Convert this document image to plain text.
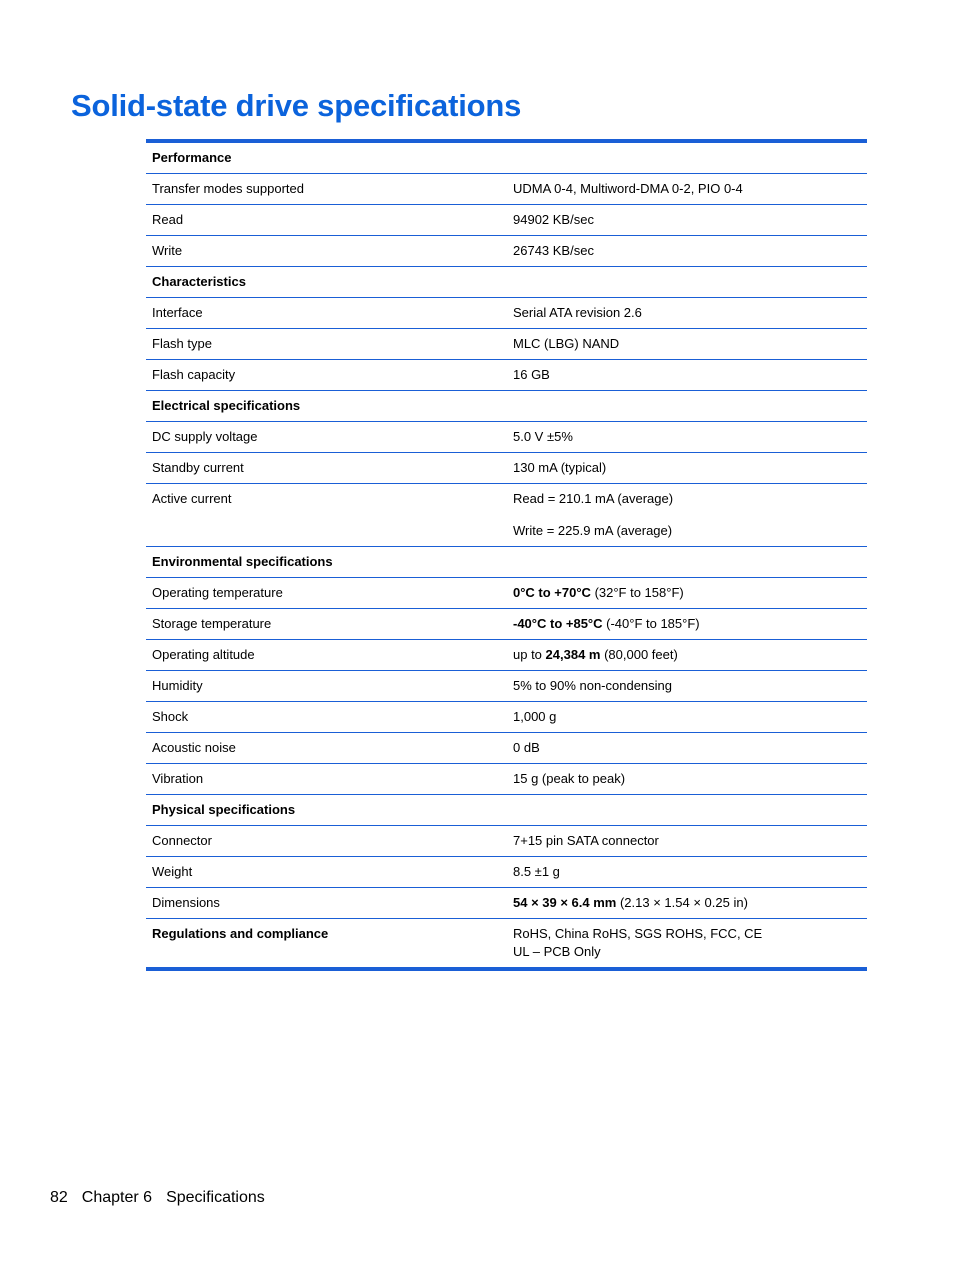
Solid-state drive specifications
Performance
Transfer modes supported	UDMA 0-4, Multiword-DMA 0-2, PIO 0-4
Read	94902 KB/sec
Write	26743 KB/sec
Characteristics
Interface	Serial ATA revision 2.6
Flash type	MLC (LBG) NAND
Flash capacity	16 GB
Electrical specifications
DC supply voltage	5.0 V ±5%
Standby current	130 mA (typical)
Active current	Read = 210.1 mA (average)
Write = 225.9 mA (average)
Environmental specifications
Operating temperature	0°C to +70°C (32°F to 158°F)
Storage temperature	-40°C to +85°C (-40°F to 185°F)
Operating altitude	up to 24,384 m (80,000 feet)
Humidity	5% to 90% non-condensing
Shock	1,000 g
Acoustic noise	0 dB
Vibration	15 g (peak to peak)
Physical specifications
Connector	7+15 pin SATA connector
Weight	8.5 ±1 g
Dimensions	54 × 39 × 6.4 mm (2.13 × 1.54 × 0.25 in)
Regulations and compliance	RoHS, China RoHS, SGS ROHS, FCC, CE
UL – PCB Only
82 Chapter 6 Specifications
